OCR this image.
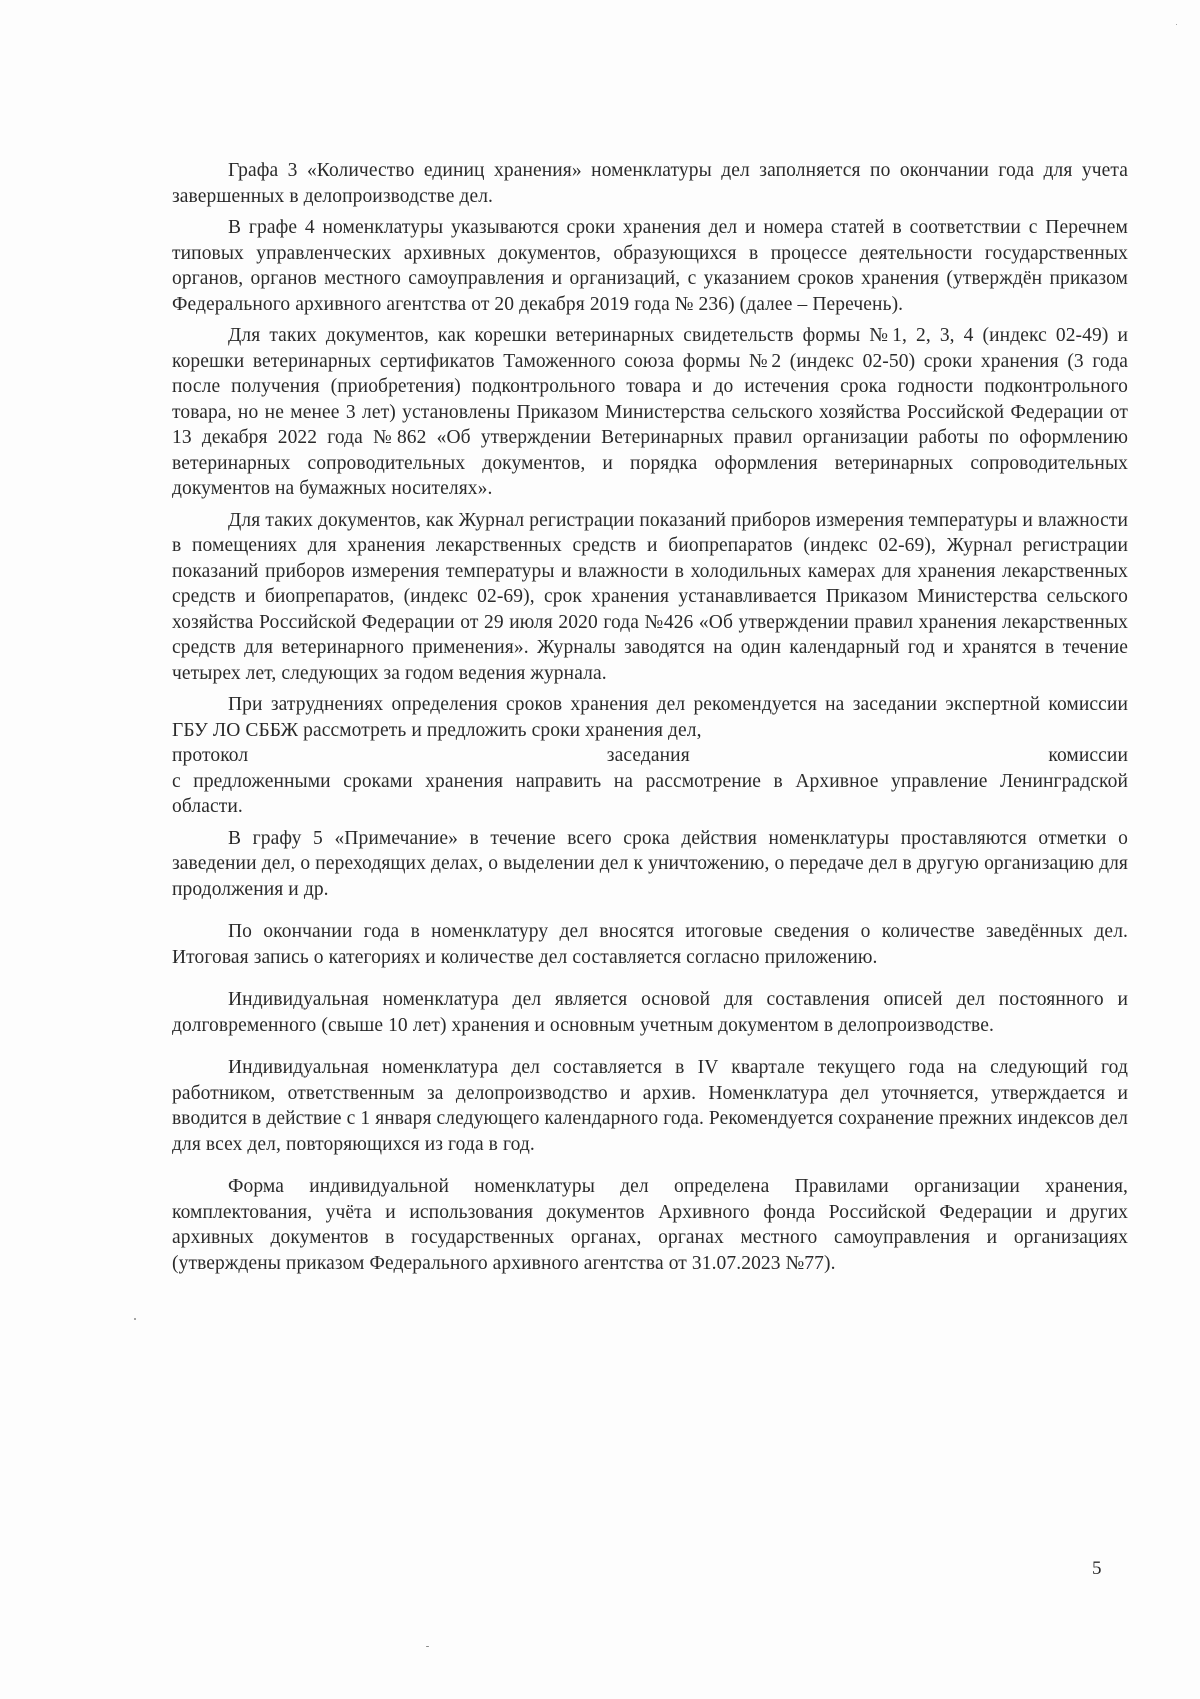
Графа 3 «Количество единиц хранения» номенклатуры дел заполняется по окончании года для учета завершенных в делопроизводстве дел.

В графе 4 номенклатуры указываются сроки хранения дел и номера статей в соответствии с Перечнем типовых управленческих архивных документов, образующихся в процессе деятельности государственных органов, органов местного самоуправления и организаций, с указанием сроков хранения (утверждён приказом Федерального архивного агентства от 20 декабря 2019 года № 236) (далее – Перечень).

Для таких документов, как корешки ветеринарных свидетельств формы №1, 2, 3, 4 (индекс 02-49) и корешки ветеринарных сертификатов Таможенного союза формы №2 (индекс 02-50) сроки хранения (3 года после получения (приобретения) подконтрольного товара и до истечения срока годности подконтрольного товара, но не менее 3 лет) установлены Приказом Министерства сельского хозяйства Российской Федерации от 13 декабря 2022 года №862 «Об утверждении Ветеринарных правил организации работы по оформлению ветеринарных сопроводительных документов, и порядка оформления ветеринарных сопроводительных документов на бумажных носителях».

Для таких документов, как Журнал регистрации показаний приборов измерения температуры и влажности в помещениях для хранения лекарственных средств и биопрепаратов (индекс 02-69), Журнал регистрации показаний приборов измерения температуры и влажности в холодильных камерах для хранения лекарственных средств и биопрепаратов, (индекс 02-69), срок хранения устанавливается Приказом Министерства сельского хозяйства Российской Федерации от 29 июля 2020 года №426 «Об утверждении правил хранения лекарственных средств для ветеринарного применения». Журналы заводятся на один календарный год и хранятся в течение четырех лет, следующих за годом ведения журнала.

При затруднениях определения сроков хранения дел рекомендуется на заседании экспертной комиссии ГБУ ЛО СББЖ рассмотреть и предложить сроки хранения дел,

протокол	заседания	комиссии

с предложенными сроками хранения направить на рассмотрение в Архивное управление Ленинградской области.

В графу 5 «Примечание» в течение всего срока действия номенклатуры проставляются отметки о заведении дел, о переходящих делах, о выделении дел к уничтожению, о передаче дел в другую организацию для продолжения и др.

По окончании года в номенклатуру дел вносятся итоговые сведения о количестве заведённых дел. Итоговая запись о категориях и количестве дел составляется согласно приложению.

Индивидуальная номенклатура дел является основой для составления описей дел постоянного и долговременного (свыше 10 лет) хранения и основным учетным документом в делопроизводстве.

Индивидуальная номенклатура дел составляется в IV квартале текущего года на следующий год работником, ответственным за делопроизводство и архив. Номенклатура дел уточняется, утверждается и вводится в действие с 1 января следующего календарного года. Рекомендуется сохранение прежних индексов дел для всех дел, повторяющихся из года в год.

Форма индивидуальной номенклатуры дел определена Правилами организации хранения, комплектования, учёта и использования документов Архивного фонда Российской Федерации и других архивных документов в государственных органах, органах местного самоуправления и организациях (утверждены приказом Федерального архивного агентства от 31.07.2023 №77).

5
